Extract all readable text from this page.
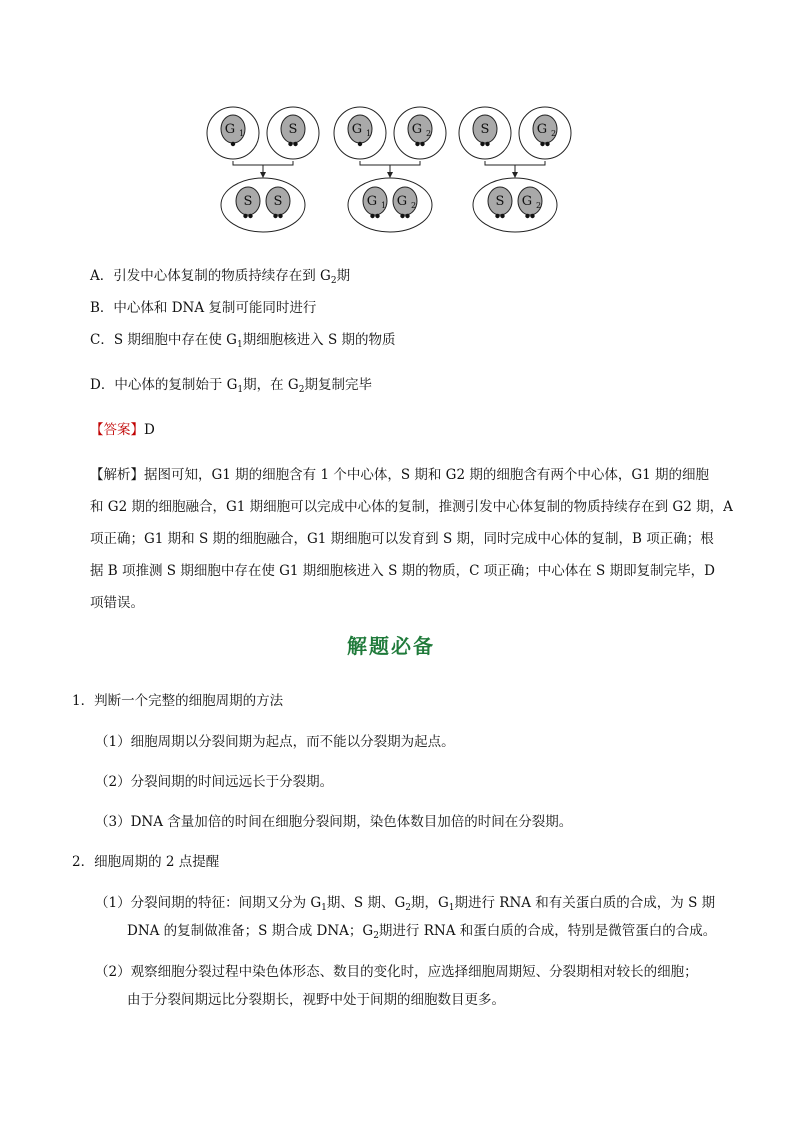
G 1	S
S S
G 1	G 2
G 1 G 2
S	G 2
S G 2
A．引发中心体复制的物质持续存在到 $G_2$期
B．中心体和 DNA 复制可能同时进行
C．S 期细胞中存在使 $G_1$期细胞核进入 S 期的物质
D．中心体的复制始于 $G_1$期，在 $G_2$期复制完毕
【答案】D
【解析】据图可知，G1 期的细胞含有 1 个中心体，S 期和 G2 期的细胞含有两个中心体，G1 期的细胞
和 G2 期的细胞融合，G1 期细胞可以完成中心体的复制，推测引发中心体复制的物质持续存在到 G2 期，A
项正确；G1 期和 S 期的细胞融合，G1 期细胞可以发育到 S 期，同时完成中心体的复制，B 项正确；根
据 B 项推测 S 期细胞中存在使 G1 期细胞核进入 S 期的物质，C 项正确；中心体在 S 期即复制完毕，D
项错误。
解题必备
1．判断一个完整的细胞周期的方法
（1）细胞周期以分裂间期为起点，而不能以分裂期为起点。
（2）分裂间期的时间远远长于分裂期。
（3）DNA 含量加倍的时间在细胞分裂间期，染色体数目加倍的时间在分裂期。
2．细胞周期的 2 点提醒
（1）分裂间期的特征：间期又分为 $G_1$期、S 期、$G_2$期，$G_1$期进行 RNA 和有关蛋白质的合成，为 S 期
DNA 的复制做准备；S 期合成 DNA；$G_2$期进行 RNA 和蛋白质的合成，特别是微管蛋白的合成。
（2）观察细胞分裂过程中染色体形态、数目的变化时，应选择细胞周期短、分裂期相对较长的细胞；
由于分裂间期远比分裂期长，视野中处于间期的细胞数目更多。
